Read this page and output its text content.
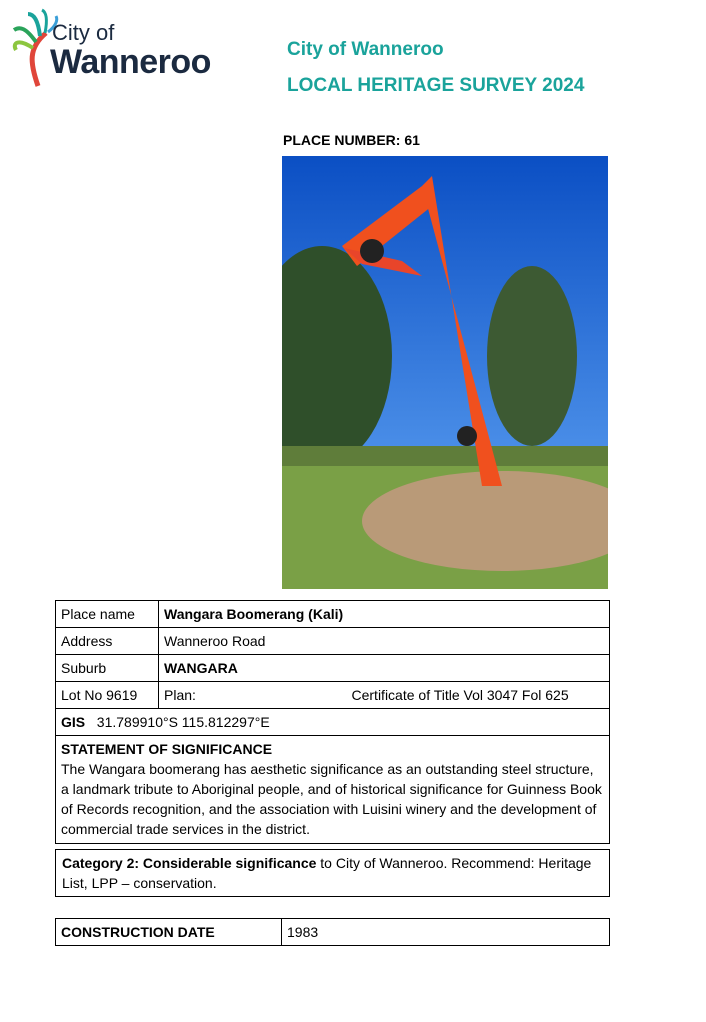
City of
Wanneroo	City of Wanneroo
LOCAL HERITAGE SURVEY 2024
PLACE NUMBER: 61
Place name	Wangara Boomerang (Kali)
Address	Wanneroo Road
Suburb	WANGARA
Lot No 9619	Plan: Certificate of Title Vol 3047 Fol 625

GIS 31.789910°S 115.812297°E	

STATEMENT OF SIGNIFICANCE
The Wangara boomerang has aesthetic significance as an outstanding steel structure, a landmark tribute to Aboriginal people, and of historical significance for Guinness Book of Records recognition, and the association with Luisini winery and the development of commercial trade services in the district.	
Category 2: Considerable significance to City of Wanneroo. Recommend: Heritage List, LPP – conservation.
CONSTRUCTION DATE	1983
